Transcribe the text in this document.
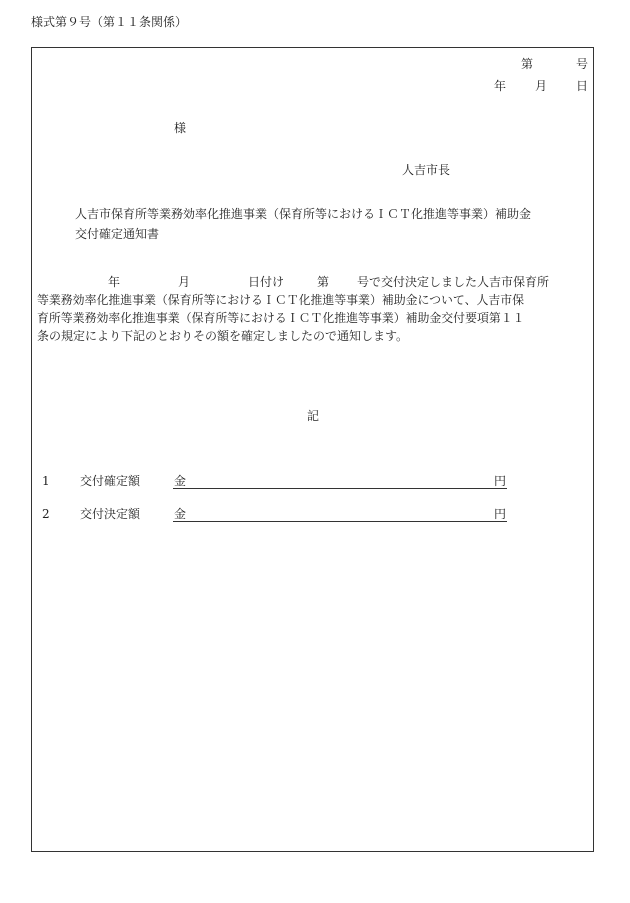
様式第９号（第１１条関係）
第	号
年 月 日
様
人吉市長
人吉市保育所等業務効率化推進事業（保育所等におけるＩＣＴ化推進等事業）補助金
交付確定通知書
年	月	日付け	第 号で交付決定しました人吉市保育所
等業務効率化推進事業（保育所等におけるＩＣＴ化推進等事業）補助金について、人吉市保
育所等業務効率化推進事業（保育所等におけるＩＣＴ化推進等事業）補助金交付要項第１１
条の規定により下記のとおりその額を確定しましたので通知します。
記
1	交付確定額	金	円
2	交付決定額	金	円
